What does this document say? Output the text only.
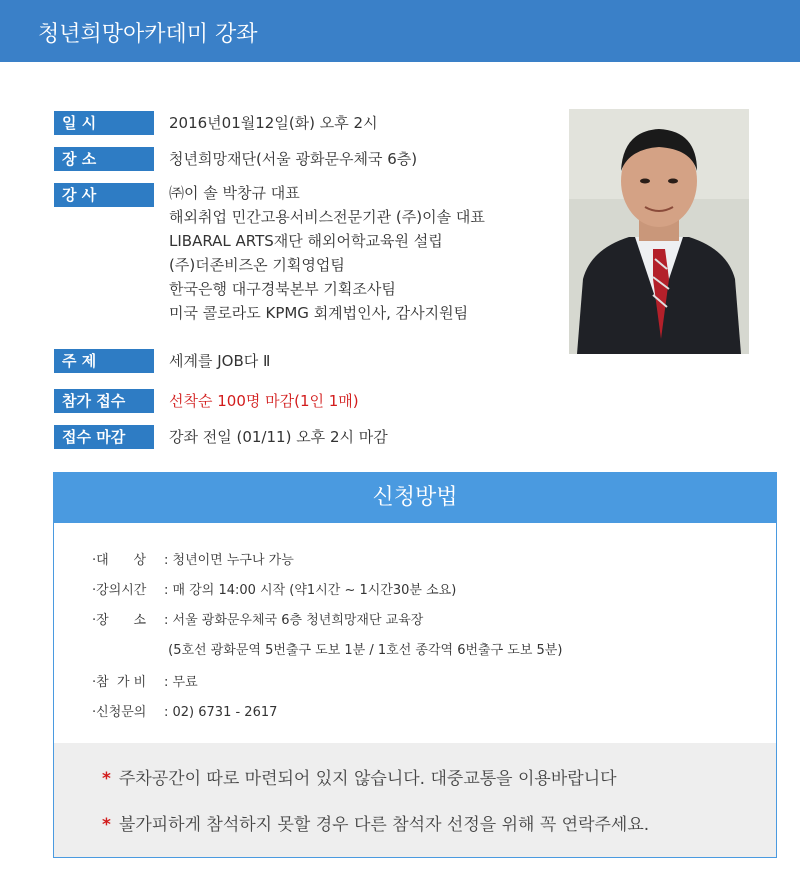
청년희망아카데미 강좌
일 시	2016년01월12일(화) 오후 2시
장 소	청년희망재단(서울 광화문우체국 6층)
강 사	㈜이 솔 박창규 대표
해외취업 민간고용서비스전문기관 (주)이솔 대표
LIBARAL ARTS재단 해외어학교육원 설립
(주)더존비즈온 기획영업팀
한국은행 대구경북본부 기획조사팀
미국 콜로라도 KPMG 회계법인사, 감사지원팀
주 제	세계를 JOB다 Ⅱ
참가 접수	선착순 100명 마감(1인 1매)
접수 마감	강좌 전일 (01/11) 오후 2시 마감
신청방법
·대      상 : 청년이면 누구나 가능
·강의시간 : 매 강의 14:00 시작 (약1시간 ~ 1시간30분 소요)
·장      소 : 서울 광화문우체국 6층 청년희망재단 교육장
(5호선 광화문역 5번출구 도보 1분 / 1호선 종각역 6번출구 도보 5분)
·참  가 비 : 무료
·신청문의 : 02) 6731 - 2617
* 주차공간이 따로 마련되어 있지 않습니다. 대중교통을 이용바랍니다
* 불가피하게 참석하지 못할 경우 다른 참석자 선정을 위해 꼭 연락주세요.
